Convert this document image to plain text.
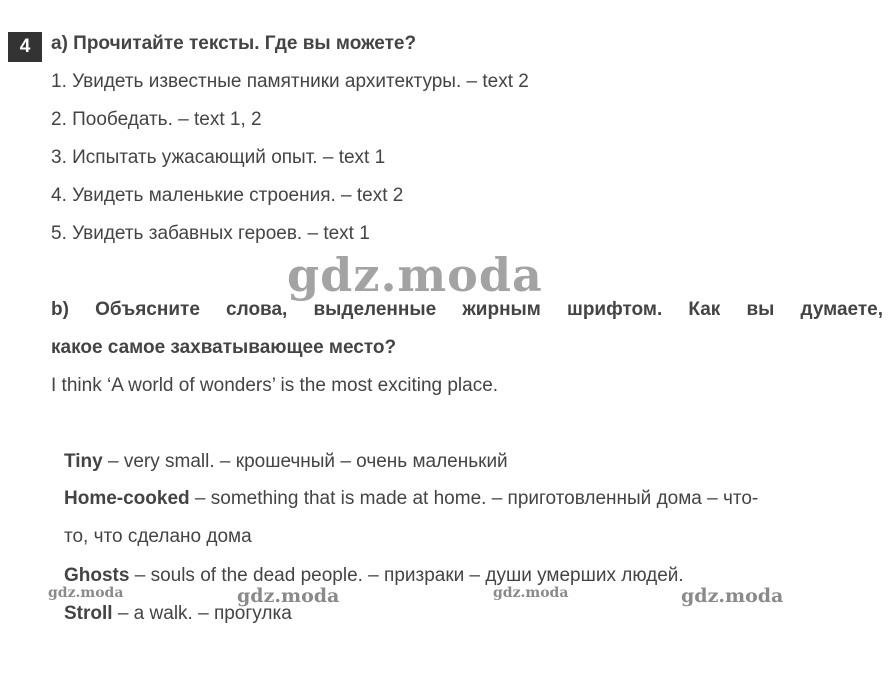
4	a) Прочитайте тексты. Где вы можете?
1. Увидеть известные памятники архитектуры. – text 2
2. Пообедать. – text 1, 2
3. Испытать ужасающий опыт. – text 1
4. Увидеть маленькие строения. – text 2
5. Увидеть забавных героев. – text 1
gdz.moda
b) Объясните слова, выделенные жирным шрифтом. Как вы думаете,
какое самое захватывающее место?
I think ‘A world of wonders’ is the most exciting place.
Tiny – very small. – крошечный – очень маленький
Home-cooked – something that is made at home. – приготовленный дома – что-
то, что сделано дома
Ghosts – souls of the dead people. – призраки – души умерших людей.
gdz.moda	gdz.moda	gdz.moda	gdz.moda
Stroll – a walk. – прогулка
